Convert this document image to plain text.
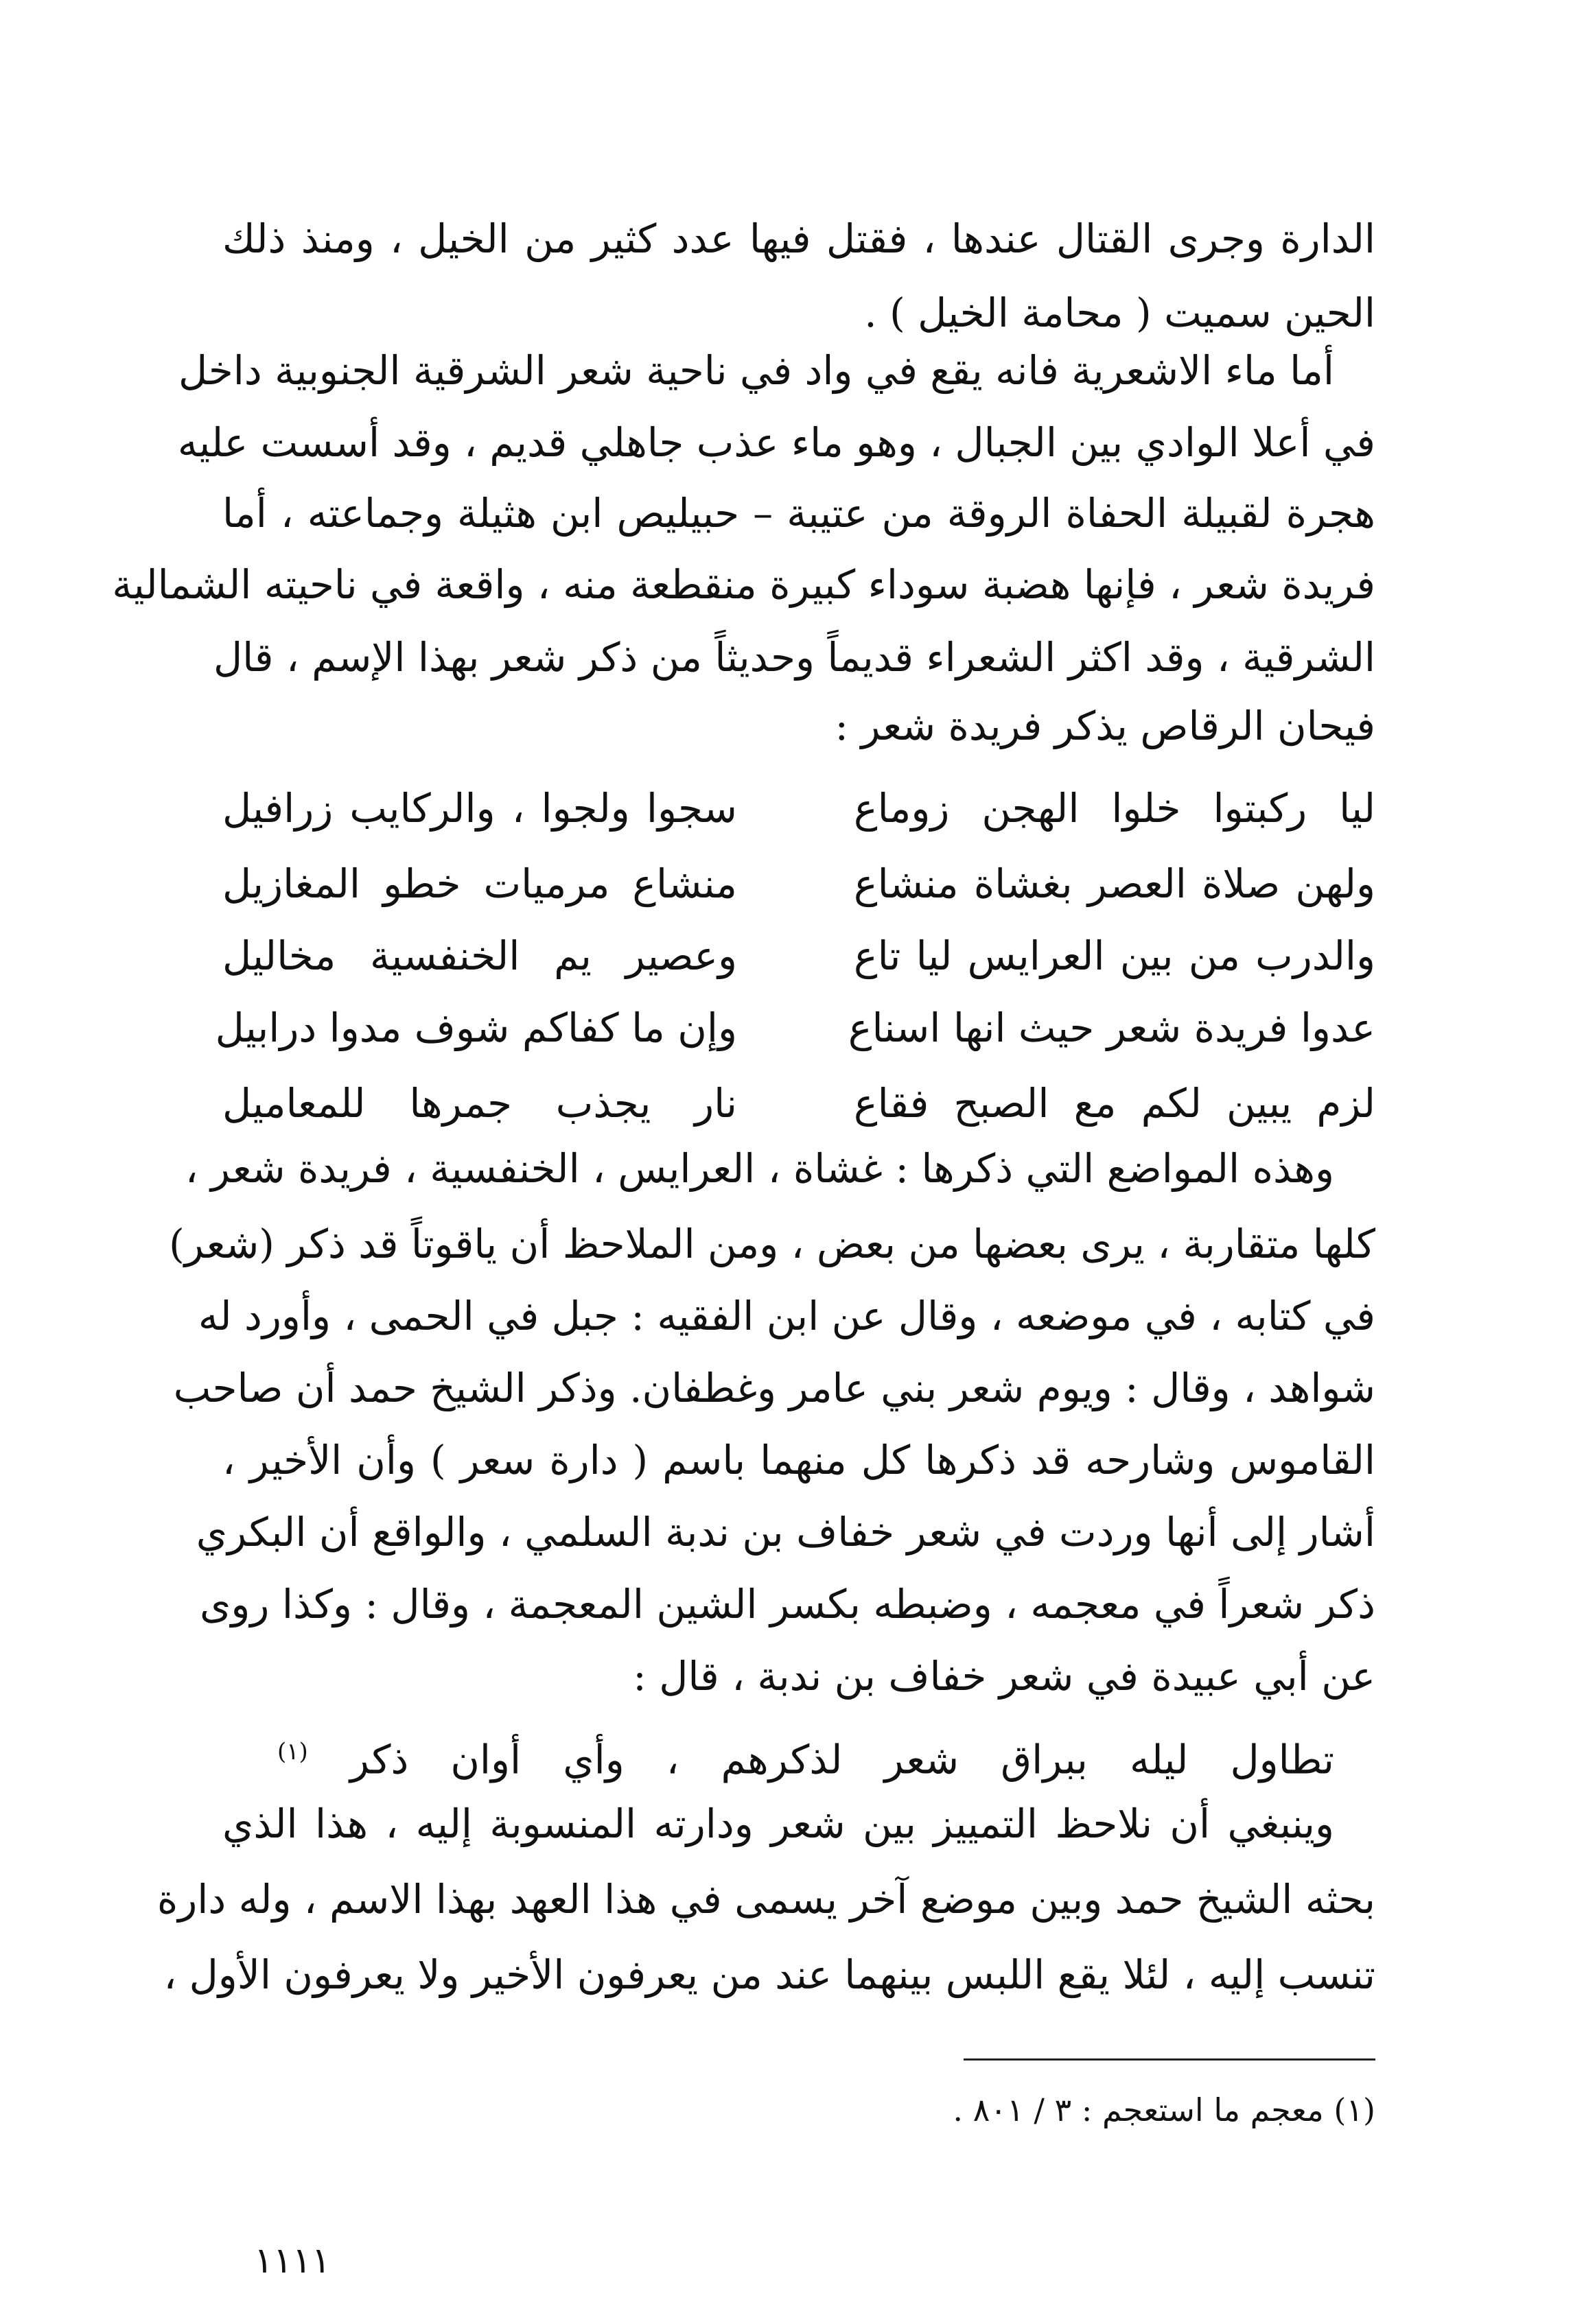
الدارة وجرى القتال عندها ، فقتل فيها عدد كثير من الخيل ، ومنذ ذلك
الحين سميت ( محامة الخيل ) .
أما ماء الاشعرية فانه يقع في واد في ناحية شعر الشرقية الجنوبية داخل
في أعلا الوادي بين الجبال ، وهو ماء عذب جاهلي قديم ، وقد أسست عليه
هجرة لقبيلة الحفاة الروقة من عتيبة – حبيليص ابن هثيلة وجماعته ، أما
فريدة شعر ، فإنها هضبة سوداء كبيرة منقطعة منه ، واقعة في ناحيته الشمالية
الشرقية ، وقد اكثر الشعراء قديماً وحديثاً من ذكر شعر بهذا الإسم ، قال
فيحان الرقاص يذكر فريدة شعر :
ليا ركبتوا خلوا الهجن زوماع
سجوا ولجوا ، والركايب زرافيل
ولهن صلاة العصر بغشاة منشاع
منشاع مرميات خطو المغازيل
والدرب من بين العرايس ليا تاع
وعصير يم الخنفسية مخاليل
عدوا فريدة شعر حيث انها اسناع
وإن ما كفاكم شوف مدوا درابيل
لزم يبين لكم مع الصبح فقاع
نار يجذب جمرها للمعاميل
وهذه المواضع التي ذكرها : غشاة ، العرايس ، الخنفسية ، فريدة شعر ،
كلها متقاربة ، يرى بعضها من بعض ، ومن الملاحظ أن ياقوتاً قد ذكر (شعر)
في كتابه ، في موضعه ، وقال عن ابن الفقيه : جبل في الحمى ، وأورد له
شواهد ، وقال : ويوم شعر بني عامر وغطفان. وذكر الشيخ حمد أن صاحب
القاموس وشارحه قد ذكرها كل منهما باسم ( دارة سعر ) وأن الأخير ،
أشار إلى أنها وردت في شعر خفاف بن ندبة السلمي ، والواقع أن البكري
ذكر شعراً في معجمه ، وضبطه بكسر الشين المعجمة ، وقال : وكذا روى
عن أبي عبيدة في شعر خفاف بن ندبة ، قال :
تطاول ليله ببراق شعر لذكرهم ، وأي أوان ذكر $^{(١)}$
وينبغي أن نلاحظ التمييز بين شعر ودارته المنسوبة إليه ، هذا الذي
بحثه الشيخ حمد وبين موضع آخر يسمى في هذا العهد بهذا الاسم ، وله دارة
تنسب إليه ، لئلا يقع اللبس بينهما عند من يعرفون الأخير ولا يعرفون الأول ،
(١) معجم ما استعجم : ٣ / ٨٠١ .
١١١١
